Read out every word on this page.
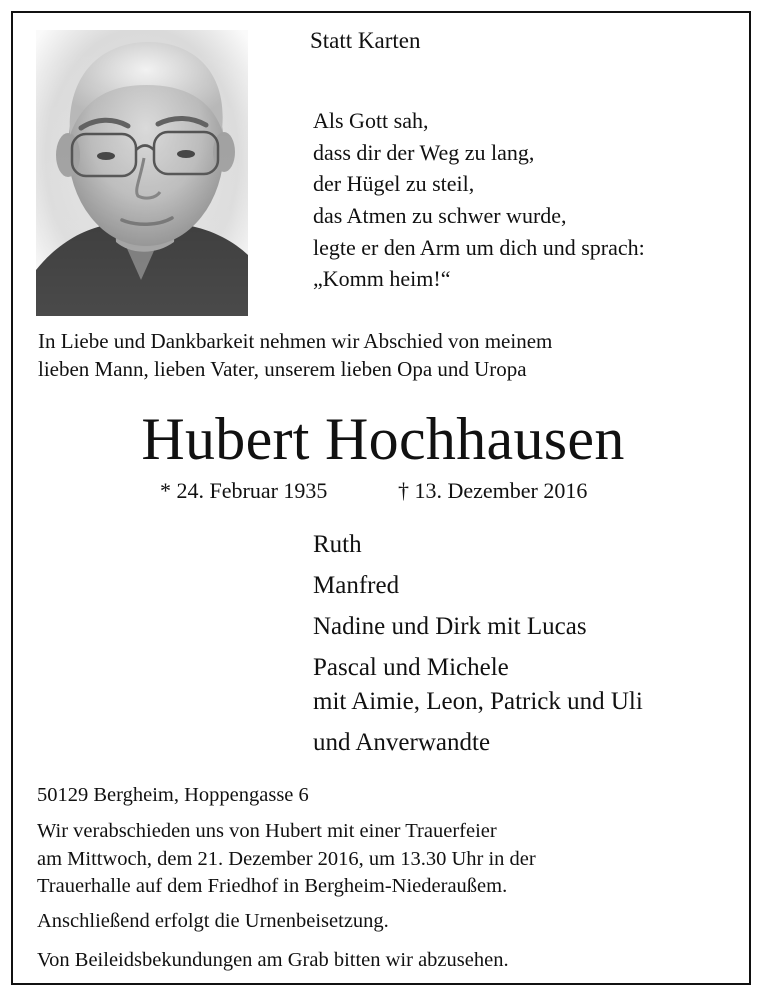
Statt Karten
Als Gott sah,
dass dir der Weg zu lang,
der Hügel zu steil,
das Atmen zu schwer wurde,
legte er den Arm um dich und sprach:
„Komm heim!“
In Liebe und Dankbarkeit nehmen wir Abschied von meinem
lieben Mann, lieben Vater, unserem lieben Opa und Uropa
Hubert Hochhausen
* 24. Februar 1935	† 13. Dezember 2016
Ruth
Manfred
Nadine und Dirk mit Lucas
Pascal und Michele
mit Aimie, Leon, Patrick und Uli
und Anverwandte
50129 Bergheim, Hoppengasse 6
Wir verabschieden uns von Hubert mit einer Trauerfeier
am Mittwoch, dem 21. Dezember 2016, um 13.30 Uhr in der
Trauerhalle auf dem Friedhof in Bergheim-Niederaußem.
Anschließend erfolgt die Urnenbeisetzung.
Von Beileidsbekundungen am Grab bitten wir abzusehen.
